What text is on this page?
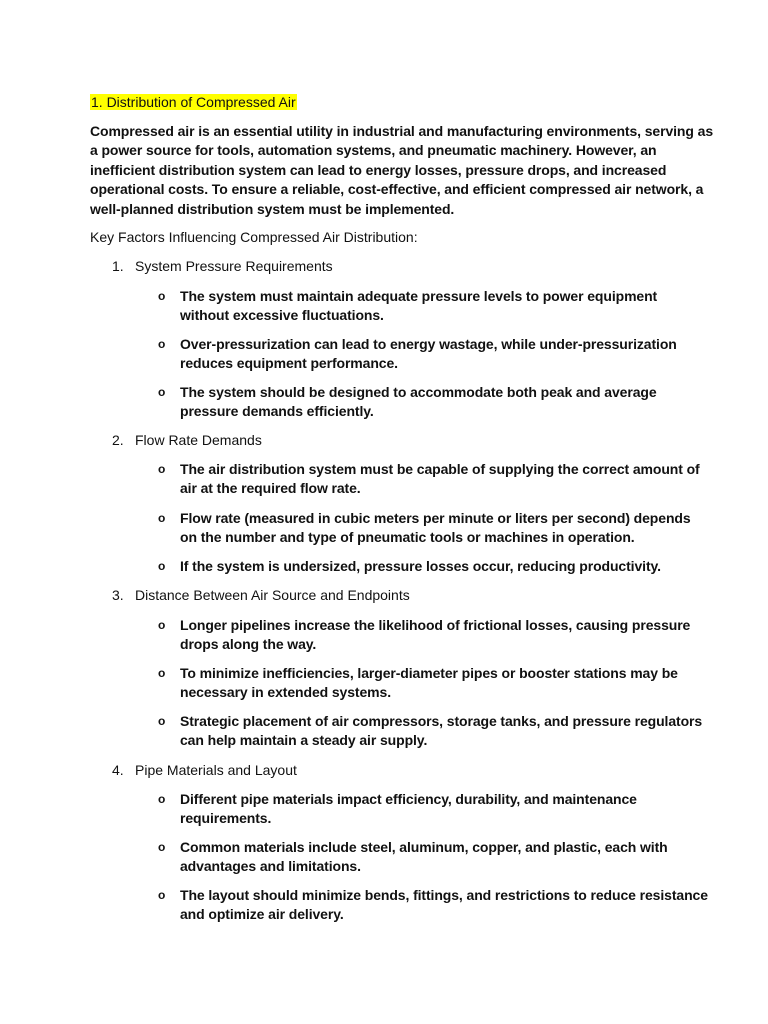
1. Distribution of Compressed Air
Compressed air is an essential utility in industrial and manufacturing environments, serving as
a power source for tools, automation systems, and pneumatic machinery. However, an
inefficient distribution system can lead to energy losses, pressure drops, and increased
operational costs. To ensure a reliable, cost-effective, and efficient compressed air network, a
well-planned distribution system must be implemented.
Key Factors Influencing Compressed Air Distribution:
1. System Pressure Requirements
o The system must maintain adequate pressure levels to power equipment
without excessive fluctuations.
o Over-pressurization can lead to energy wastage, while under-pressurization
reduces equipment performance.
o The system should be designed to accommodate both peak and average
pressure demands efficiently.
2. Flow Rate Demands
o The air distribution system must be capable of supplying the correct amount of
air at the required flow rate.
o Flow rate (measured in cubic meters per minute or liters per second) depends
on the number and type of pneumatic tools or machines in operation.
o If the system is undersized, pressure losses occur, reducing productivity.
3. Distance Between Air Source and Endpoints
o Longer pipelines increase the likelihood of frictional losses, causing pressure
drops along the way.
o To minimize inefficiencies, larger-diameter pipes or booster stations may be
necessary in extended systems.
o Strategic placement of air compressors, storage tanks, and pressure regulators
can help maintain a steady air supply.
4. Pipe Materials and Layout
o Different pipe materials impact efficiency, durability, and maintenance
requirements.
o Common materials include steel, aluminum, copper, and plastic, each with
advantages and limitations.
o The layout should minimize bends, fittings, and restrictions to reduce resistance
and optimize air delivery.
